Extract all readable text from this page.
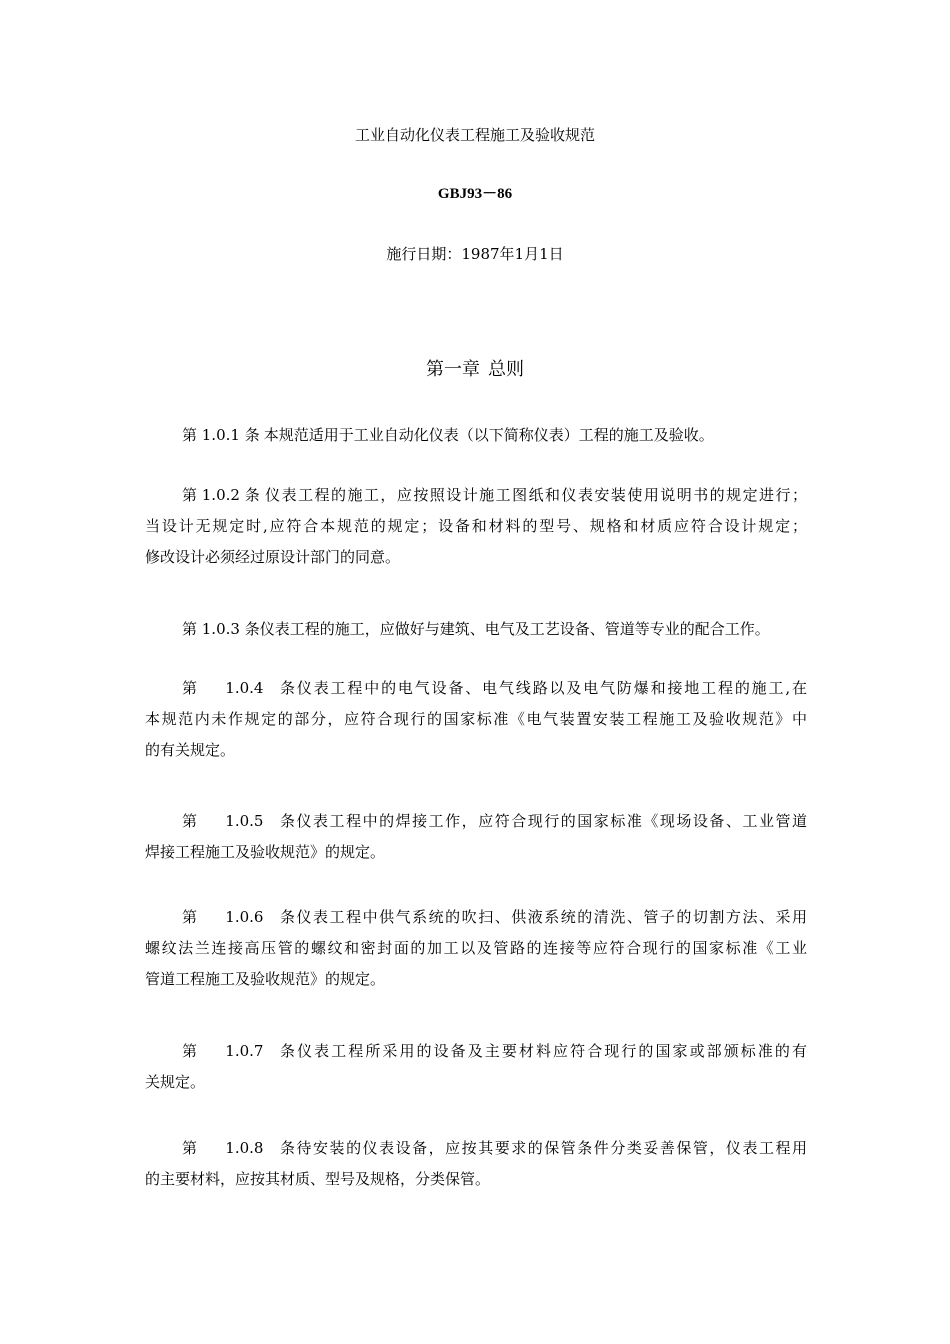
工业自动化仪表工程施工及验收规范
GBJ93－86
施行日期：1987年1月1日
第一章 总则
第 1.0.1 条 本规范适用于工业自动化仪表（以下简称仪表）工程的施工及验收。
第 1.0.2 条 仪表工程的施工，应按照设计施工图纸和仪表安装使用说明书的规定进行；
当设计无规定时,应符合本规范的规定；设备和材料的型号、规格和材质应符合设计规定；
修改设计必须经过原设计部门的同意。
第 1.0.3 条仪表工程的施工，应做好与建筑、电气及工艺设备、管道等专业的配合工作。
第 1.0.4 条仪表工程中的电气设备、电气线路以及电气防爆和接地工程的施工,在
本规范内未作规定的部分，应符合现行的国家标准《电气装置安装工程施工及验收规范》中
的有关规定。
第 1.0.5 条仪表工程中的焊接工作，应符合现行的国家标准《现场设备、工业管道
焊接工程施工及验收规范》的规定。
第 1.0.6 条仪表工程中供气系统的吹扫、供液系统的清洗、管子的切割方法、采用
螺纹法兰连接高压管的螺纹和密封面的加工以及管路的连接等应符合现行的国家标准《工业
管道工程施工及验收规范》的规定。
第 1.0.7 条仪表工程所采用的设备及主要材料应符合现行的国家或部颁标准的有
关规定。
第 1.0.8 条待安装的仪表设备，应按其要求的保管条件分类妥善保管，仪表工程用
的主要材料，应按其材质、型号及规格，分类保管。
